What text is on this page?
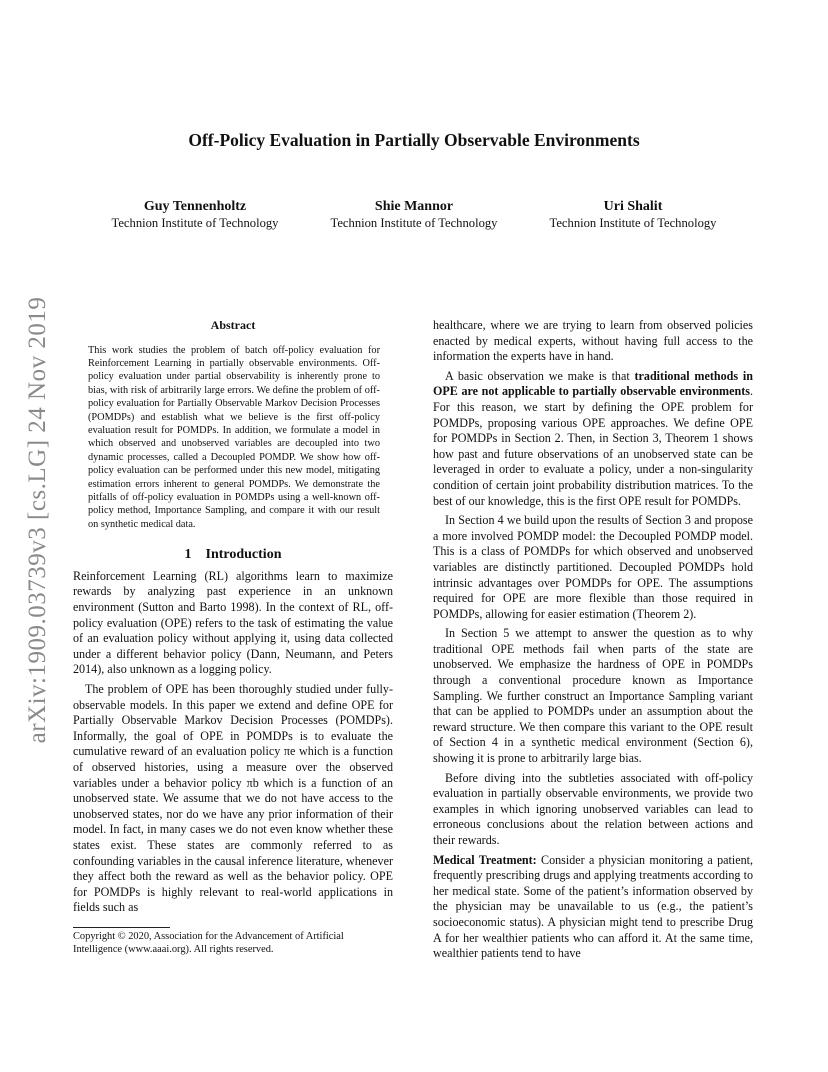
arXiv:1909.03739v3 [cs.LG] 24 Nov 2019
Off-Policy Evaluation in Partially Observable Environments
Guy Tennenholtz
Technion Institute of Technology
Shie Mannor
Technion Institute of Technology
Uri Shalit
Technion Institute of Technology
Abstract
This work studies the problem of batch off-policy evaluation for Reinforcement Learning in partially observable environments. Off-policy evaluation under partial observability is inherently prone to bias, with risk of arbitrarily large errors. We define the problem of off-policy evaluation for Partially Observable Markov Decision Processes (POMDPs) and establish what we believe is the first off-policy evaluation result for POMDPs. In addition, we formulate a model in which observed and unobserved variables are decoupled into two dynamic processes, called a Decoupled POMDP. We show how off-policy evaluation can be performed under this new model, mitigating estimation errors inherent to general POMDPs. We demonstrate the pitfalls of off-policy evaluation in POMDPs using a well-known off-policy method, Importance Sampling, and compare it with our result on synthetic medical data.
1 Introduction

Reinforcement Learning (RL) algorithms learn to maximize rewards by analyzing past experience in an unknown environment (Sutton and Barto 1998). In the context of RL, off-policy evaluation (OPE) refers to the task of estimating the value of an evaluation policy without applying it, using data collected under a different behavior policy (Dann, Neumann, and Peters 2014), also unknown as a logging policy.

The problem of OPE has been thoroughly studied under fully-observable models. In this paper we extend and define OPE for Partially Observable Markov Decision Processes (POMDPs). Informally, the goal of OPE in POMDPs is to evaluate the cumulative reward of an evaluation policy πe which is a function of observed histories, using a measure over the observed variables under a behavior policy πb which is a function of an unobserved state. We assume that we do not have access to the unobserved states, nor do we have any prior information of their model. In fact, in many cases we do not even know whether these states exist. These states are commonly referred to as confounding variables in the causal inference literature, whenever they affect both the reward as well as the behavior policy. OPE for POMDPs is highly relevant to real-world applications in fields such as

healthcare, where we are trying to learn from observed policies enacted by medical experts, without having full access to the information the experts have in hand.

A basic observation we make is that traditional methods in OPE are not applicable to partially observable environments. For this reason, we start by defining the OPE problem for POMDPs, proposing various OPE approaches. We define OPE for POMDPs in Section 2. Then, in Section 3, Theorem 1 shows how past and future observations of an unobserved state can be leveraged in order to evaluate a policy, under a non-singularity condition of certain joint probability distribution matrices. To the best of our knowledge, this is the first OPE result for POMDPs.

In Section 4 we build upon the results of Section 3 and propose a more involved POMDP model: the Decoupled POMDP model. This is a class of POMDPs for which observed and unobserved variables are distinctly partitioned. Decoupled POMDPs hold intrinsic advantages over POMDPs for OPE. The assumptions required for OPE are more flexible than those required in POMDPs, allowing for easier estimation (Theorem 2).

In Section 5 we attempt to answer the question as to why traditional OPE methods fail when parts of the state are unobserved. We emphasize the hardness of OPE in POMDPs through a conventional procedure known as Importance Sampling. We further construct an Importance Sampling variant that can be applied to POMDPs under an assumption about the reward structure. We then compare this variant to the OPE result of Section 4 in a synthetic medical environment (Section 6), showing it is prone to arbitrarily large bias.

Before diving into the subtleties associated with off-policy evaluation in partially observable environments, we provide two examples in which ignoring unobserved variables can lead to erroneous conclusions about the relation between actions and their rewards.

Medical Treatment: Consider a physician monitoring a patient, frequently prescribing drugs and applying treatments according to her medical state. Some of the patient’s information observed by the physician may be unavailable to us (e.g., the patient’s socioeconomic status). A physician might tend to prescribe Drug A for her wealthier patients who can afford it. At the same time, wealthier patients tend to have

Copyright © 2020, Association for the Advancement of Artificial Intelligence (www.aaai.org). All rights reserved.
